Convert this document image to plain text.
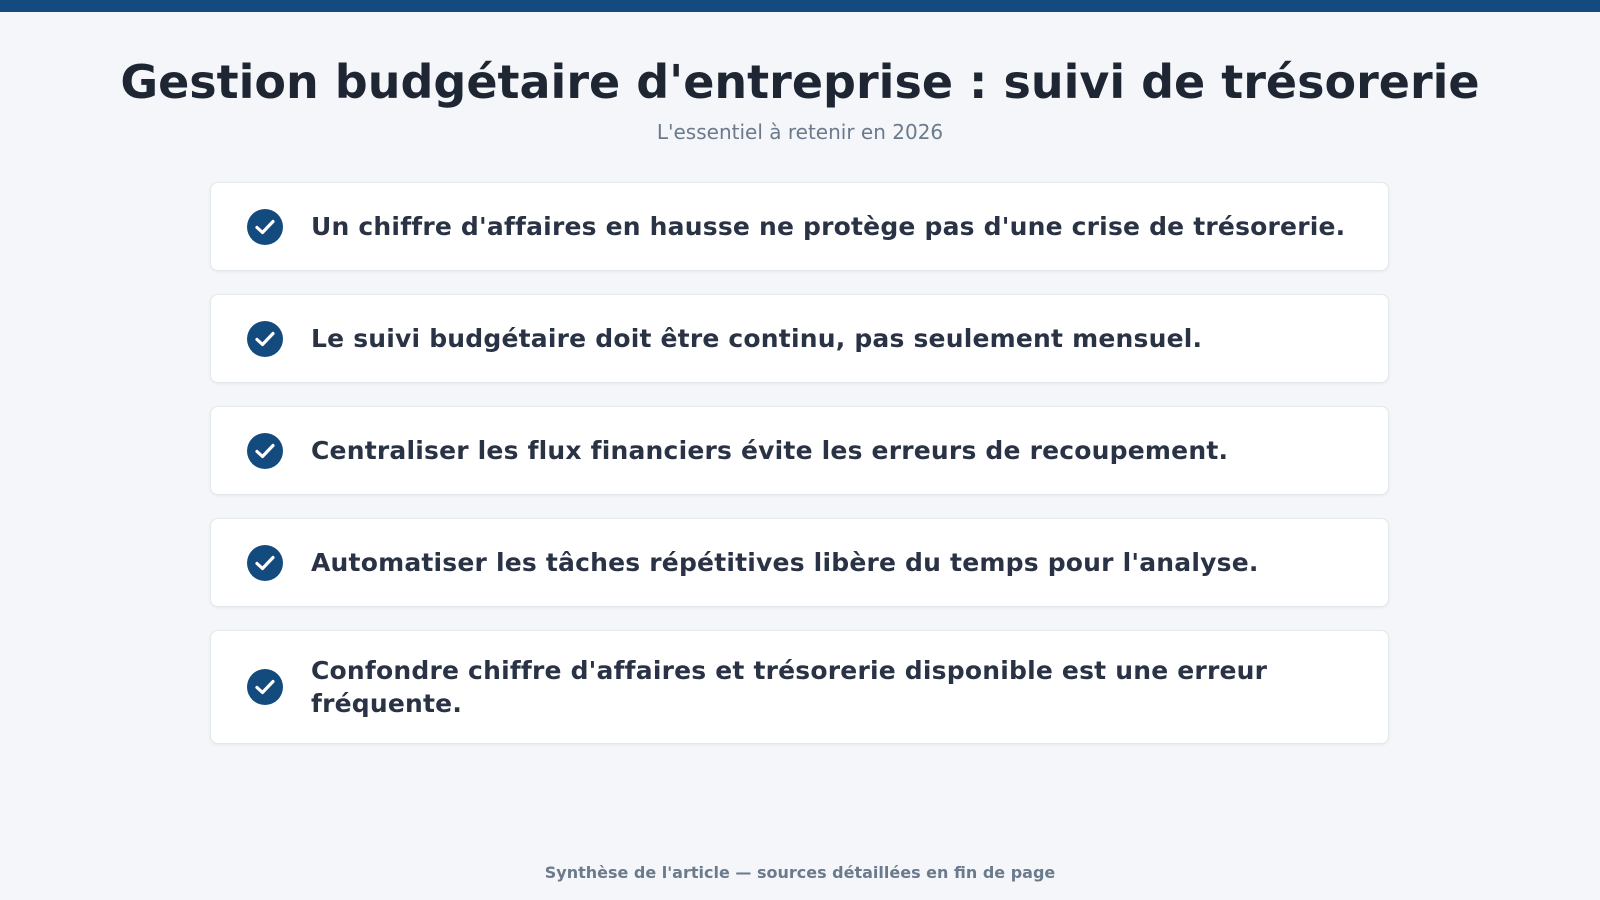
Gestion budgétaire d'entreprise : suivi de trésorerie

L'essentiel à retenir en 2026

Un chiffre d'affaires en hausse ne protège pas d'une crise de trésorerie.
Le suivi budgétaire doit être continu, pas seulement mensuel.
Centraliser les flux financiers évite les erreurs de recoupement.
Automatiser les tâches répétitives libère du temps pour l'analyse.
Confondre chiffre d'affaires et trésorerie disponible est une erreur fréquente.

Synthèse de l'article — sources détaillées en fin de page
